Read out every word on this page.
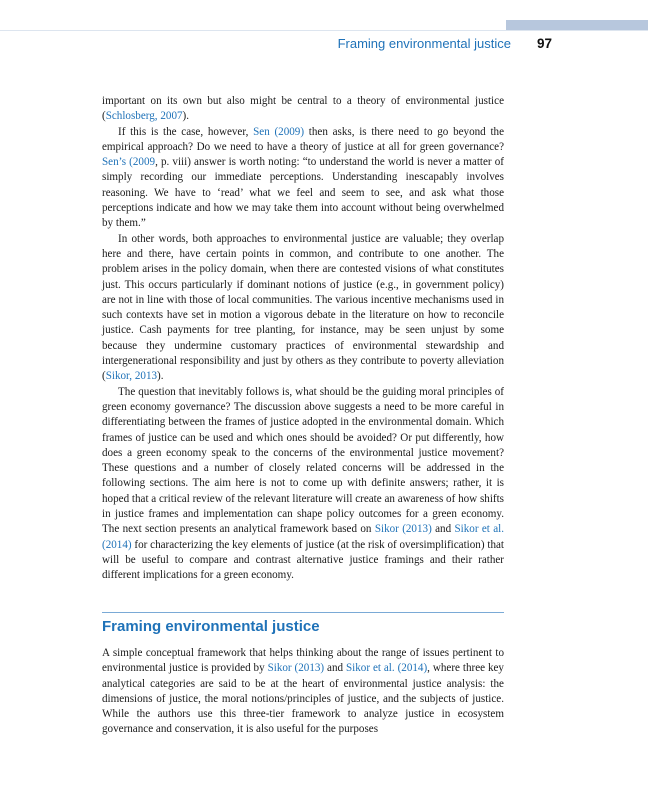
Framing environmental justice 97

important on its own but also might be central to a theory of environmental justice (Schlosberg, 2007).

If this is the case, however, Sen (2009) then asks, is there need to go beyond the empirical approach? Do we need to have a theory of justice at all for green governance? Sen’s (2009, p. viii) answer is worth noting: “to understand the world is never a matter of simply recording our immediate perceptions. Understanding inescapably involves reasoning. We have to ‘read’ what we feel and seem to see, and ask what those perceptions indicate and how we may take them into account without being overwhelmed by them.”

In other words, both approaches to environmental justice are valuable; they overlap here and there, have certain points in common, and contribute to one another. The problem arises in the policy domain, when there are contested visions of what constitutes just. This occurs particularly if dominant notions of justice (e.g., in government policy) are not in line with those of local communities. The various incentive mechanisms used in such contexts have set in motion a vigorous debate in the literature on how to reconcile justice. Cash payments for tree planting, for instance, may be seen unjust by some because they undermine customary practices of environmental stewardship and intergenerational responsibility and just by others as they contribute to poverty alleviation (Sikor, 2013).

The question that inevitably follows is, what should be the guiding moral principles of green economy governance? The discussion above suggests a need to be more careful in differentiating between the frames of justice adopted in the environmental domain. Which frames of justice can be used and which ones should be avoided? Or put differently, how does a green economy speak to the concerns of the environmental justice movement? These questions and a number of closely related concerns will be addressed in the following sections. The aim here is not to come up with definite answers; rather, it is hoped that a critical review of the relevant literature will create an awareness of how shifts in justice frames and implementation can shape policy outcomes for a green economy. The next section presents an analytical framework based on Sikor (2013) and Sikor et al. (2014) for characterizing the key elements of justice (at the risk of oversimplification) that will be useful to compare and contrast alternative justice framings and their rather different implications for a green economy.

Framing environmental justice

A simple conceptual framework that helps thinking about the range of issues pertinent to environmental justice is provided by Sikor (2013) and Sikor et al. (2014), where three key analytical categories are said to be at the heart of environmental justice analysis: the dimensions of justice, the moral notions/principles of justice, and the subjects of justice. While the authors use this three-tier framework to analyze justice in ecosystem governance and conservation, it is also useful for the purposes
